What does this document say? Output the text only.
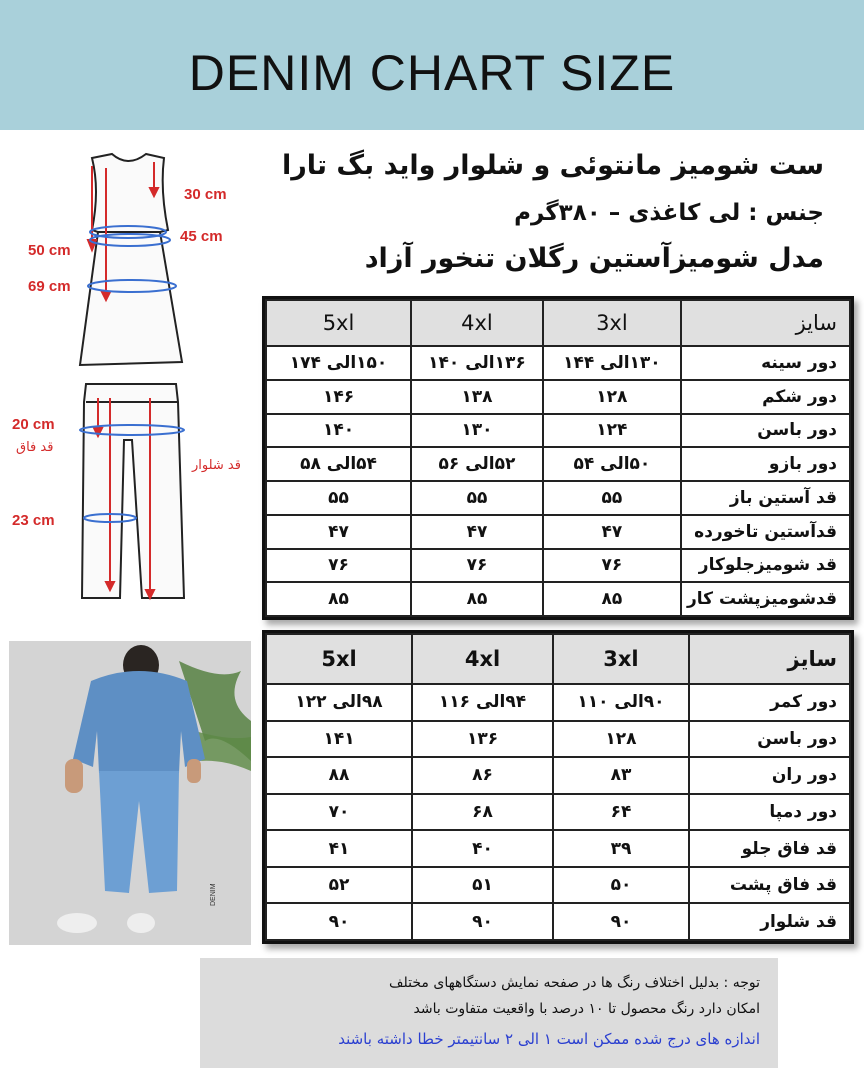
DENIM CHART SIZE
ست شومیز مانتوئی و شلوار واید بگ تارا
جنس : لی کاغذی – ۳۸۰گرم
مدل شومیزآستین رگلان تنخور آزاد
30 cm
45 cm
50 cm
69 cm
20 cm
قد فاق
قد شلوار
23 cm
سایز	3xl	4xl	5xl
دور سینه	۱۳۰الی ۱۴۴	۱۳۶الی ۱۴۰	۱۵۰الی ۱۷۴
دور شکم	۱۲۸	۱۳۸	۱۴۶
دور باسن	۱۲۴	۱۳۰	۱۴۰
دور بازو	۵۰الی ۵۴	۵۲الی ۵۶	۵۴الی ۵۸
قد آستین باز	۵۵	۵۵	۵۵
قدآستین تاخورده	۴۷	۴۷	۴۷
قد شومیزجلوکار	۷۶	۷۶	۷۶
قدشومیزپشت کار	۸۵	۸۵	۸۵
سایز	3xl	4xl	5xl
دور کمر	۹۰الی ۱۱۰	۹۴الی ۱۱۶	۹۸الی ۱۲۲
دور باسن	۱۲۸	۱۳۶	۱۴۱
دور ران	۸۳	۸۶	۸۸
دور دمپا	۶۴	۶۸	۷۰
قد فاق جلو	۳۹	۴۰	۴۱
قد فاق پشت	۵۰	۵۱	۵۲
قد شلوار	۹۰	۹۰	۹۰
DENIM

توجه : بدلیل اختلاف رنگ ها در صفحه نمایش دستگاههای مختلف

امکان دارد رنگ محصول تا ۱۰ درصد با واقعیت متفاوت باشد

اندازه های درج شده ممکن است ۱ الی ۲ سانتیمتر خطا داشته باشند
